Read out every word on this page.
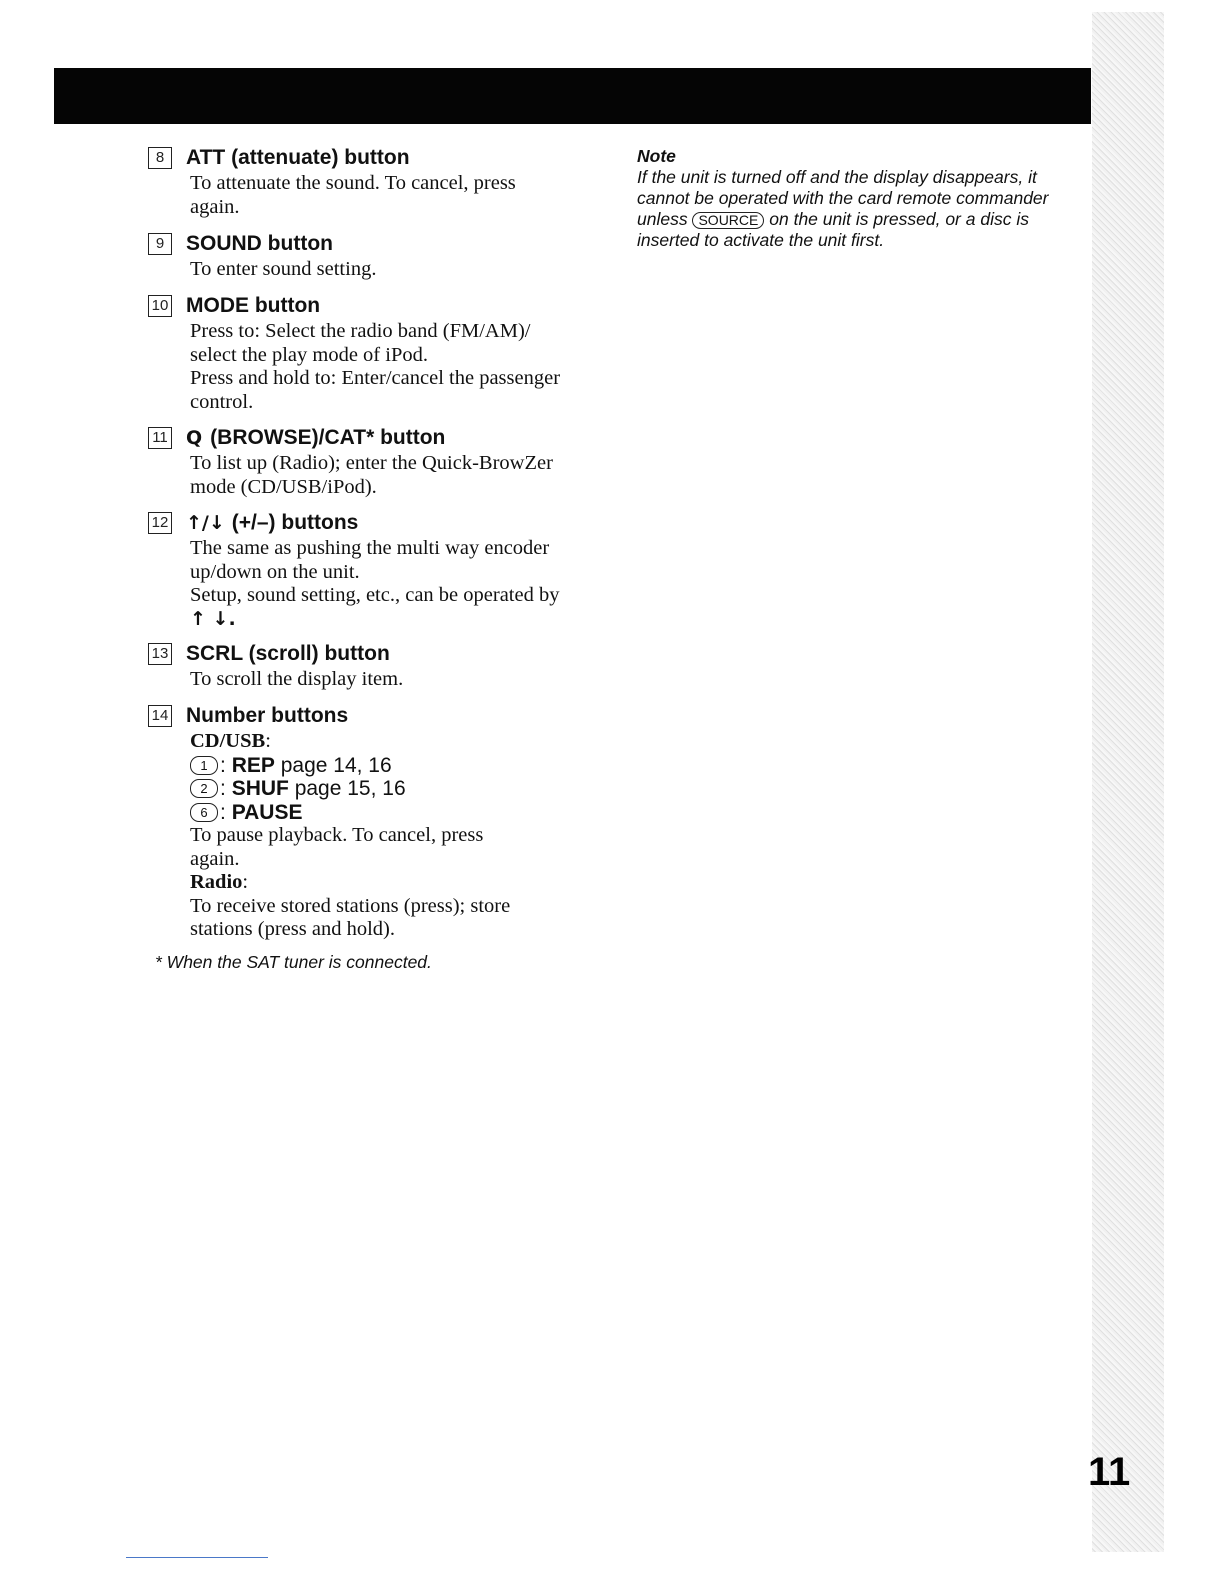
8	ATT (attenuate) button

To attenuate the sound. To cancel, press

again.

9	SOUND button

To enter sound setting.

10 MODE button

Press to: Select the radio band (FM/AM)/

select the play mode of iPod.

Press and hold to: Enter/cancel the passenger

control.

11 Q (BROWSE)/CAT* button

To list up (Radio); enter the Quick-BrowZer

mode (CD/USB/iPod).

12 ↑/↓ (+/–) buttons

The same as pushing the multi way encoder

up/down on the unit.

Setup, sound setting, etc., can be operated by

↑ ↓.

13 SCRL (scroll) button

To scroll the display item.

14 Number buttons

CD/USB:

1 : REP page 14, 16

2 : SHUF page 15, 16

6 : PAUSE

To pause playback. To cancel, press

again.

Radio:

To receive stored stations (press); store

stations (press and hold).

* When the SAT tuner is connected.
Note
If the unit is turned off and the display disappears, it
cannot be operated with the card remote commander
unless SOURCE on the unit is pressed, or a disc is
inserted to activate the unit first.
11
